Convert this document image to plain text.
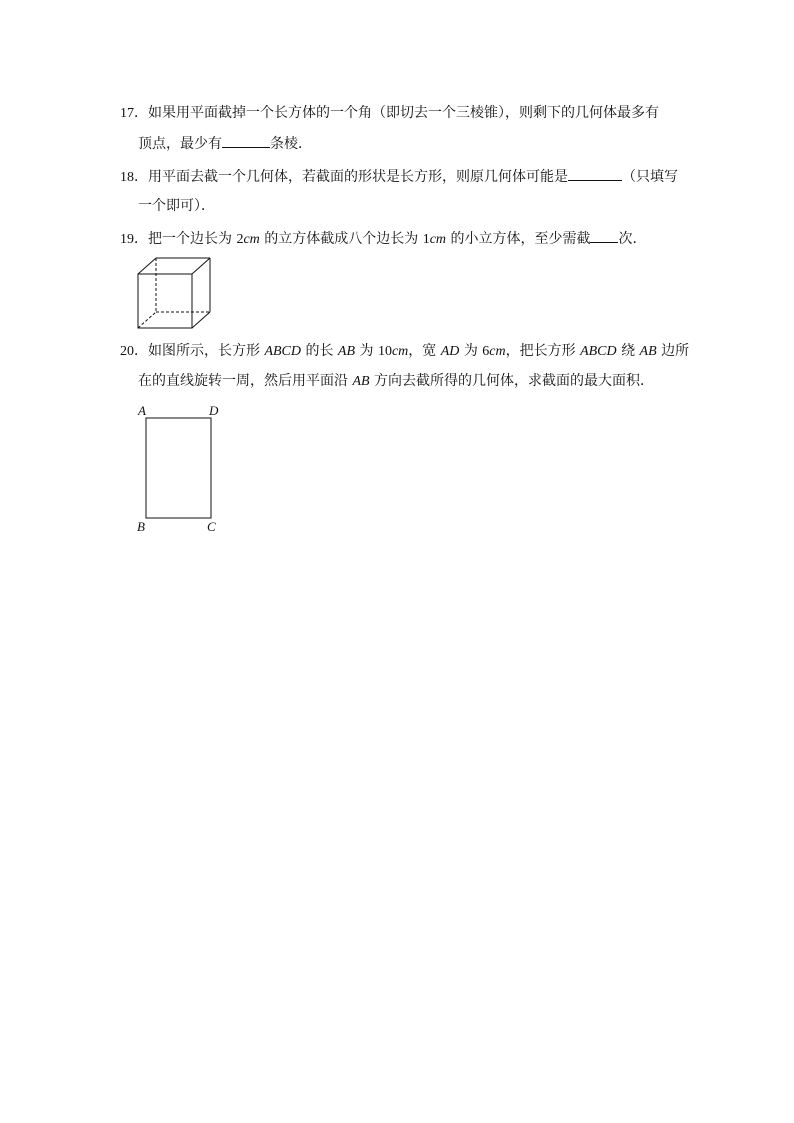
17．如果用平面截掉一个长方体的一个角（即切去一个三棱锥），则剩下的几何体最多有
顶点，最少有	条棱．
18．用平面去截一个几何体，若截面的形状是长方形，则原几何体可能是	（只填写
一个即可）．
19．把一个边长为 2cm 的立方体截成八个边长为 1cm 的小立方体，至少需截 次．
20．如图所示，长方形 ABCD 的长 AB 为 10cm，宽 AD 为 6cm，把长方形 ABCD 绕 AB 边所
在的直线旋转一周，然后用平面沿 AB 方向去截所得的几何体，求截面的最大面积．
A	D
B	C
